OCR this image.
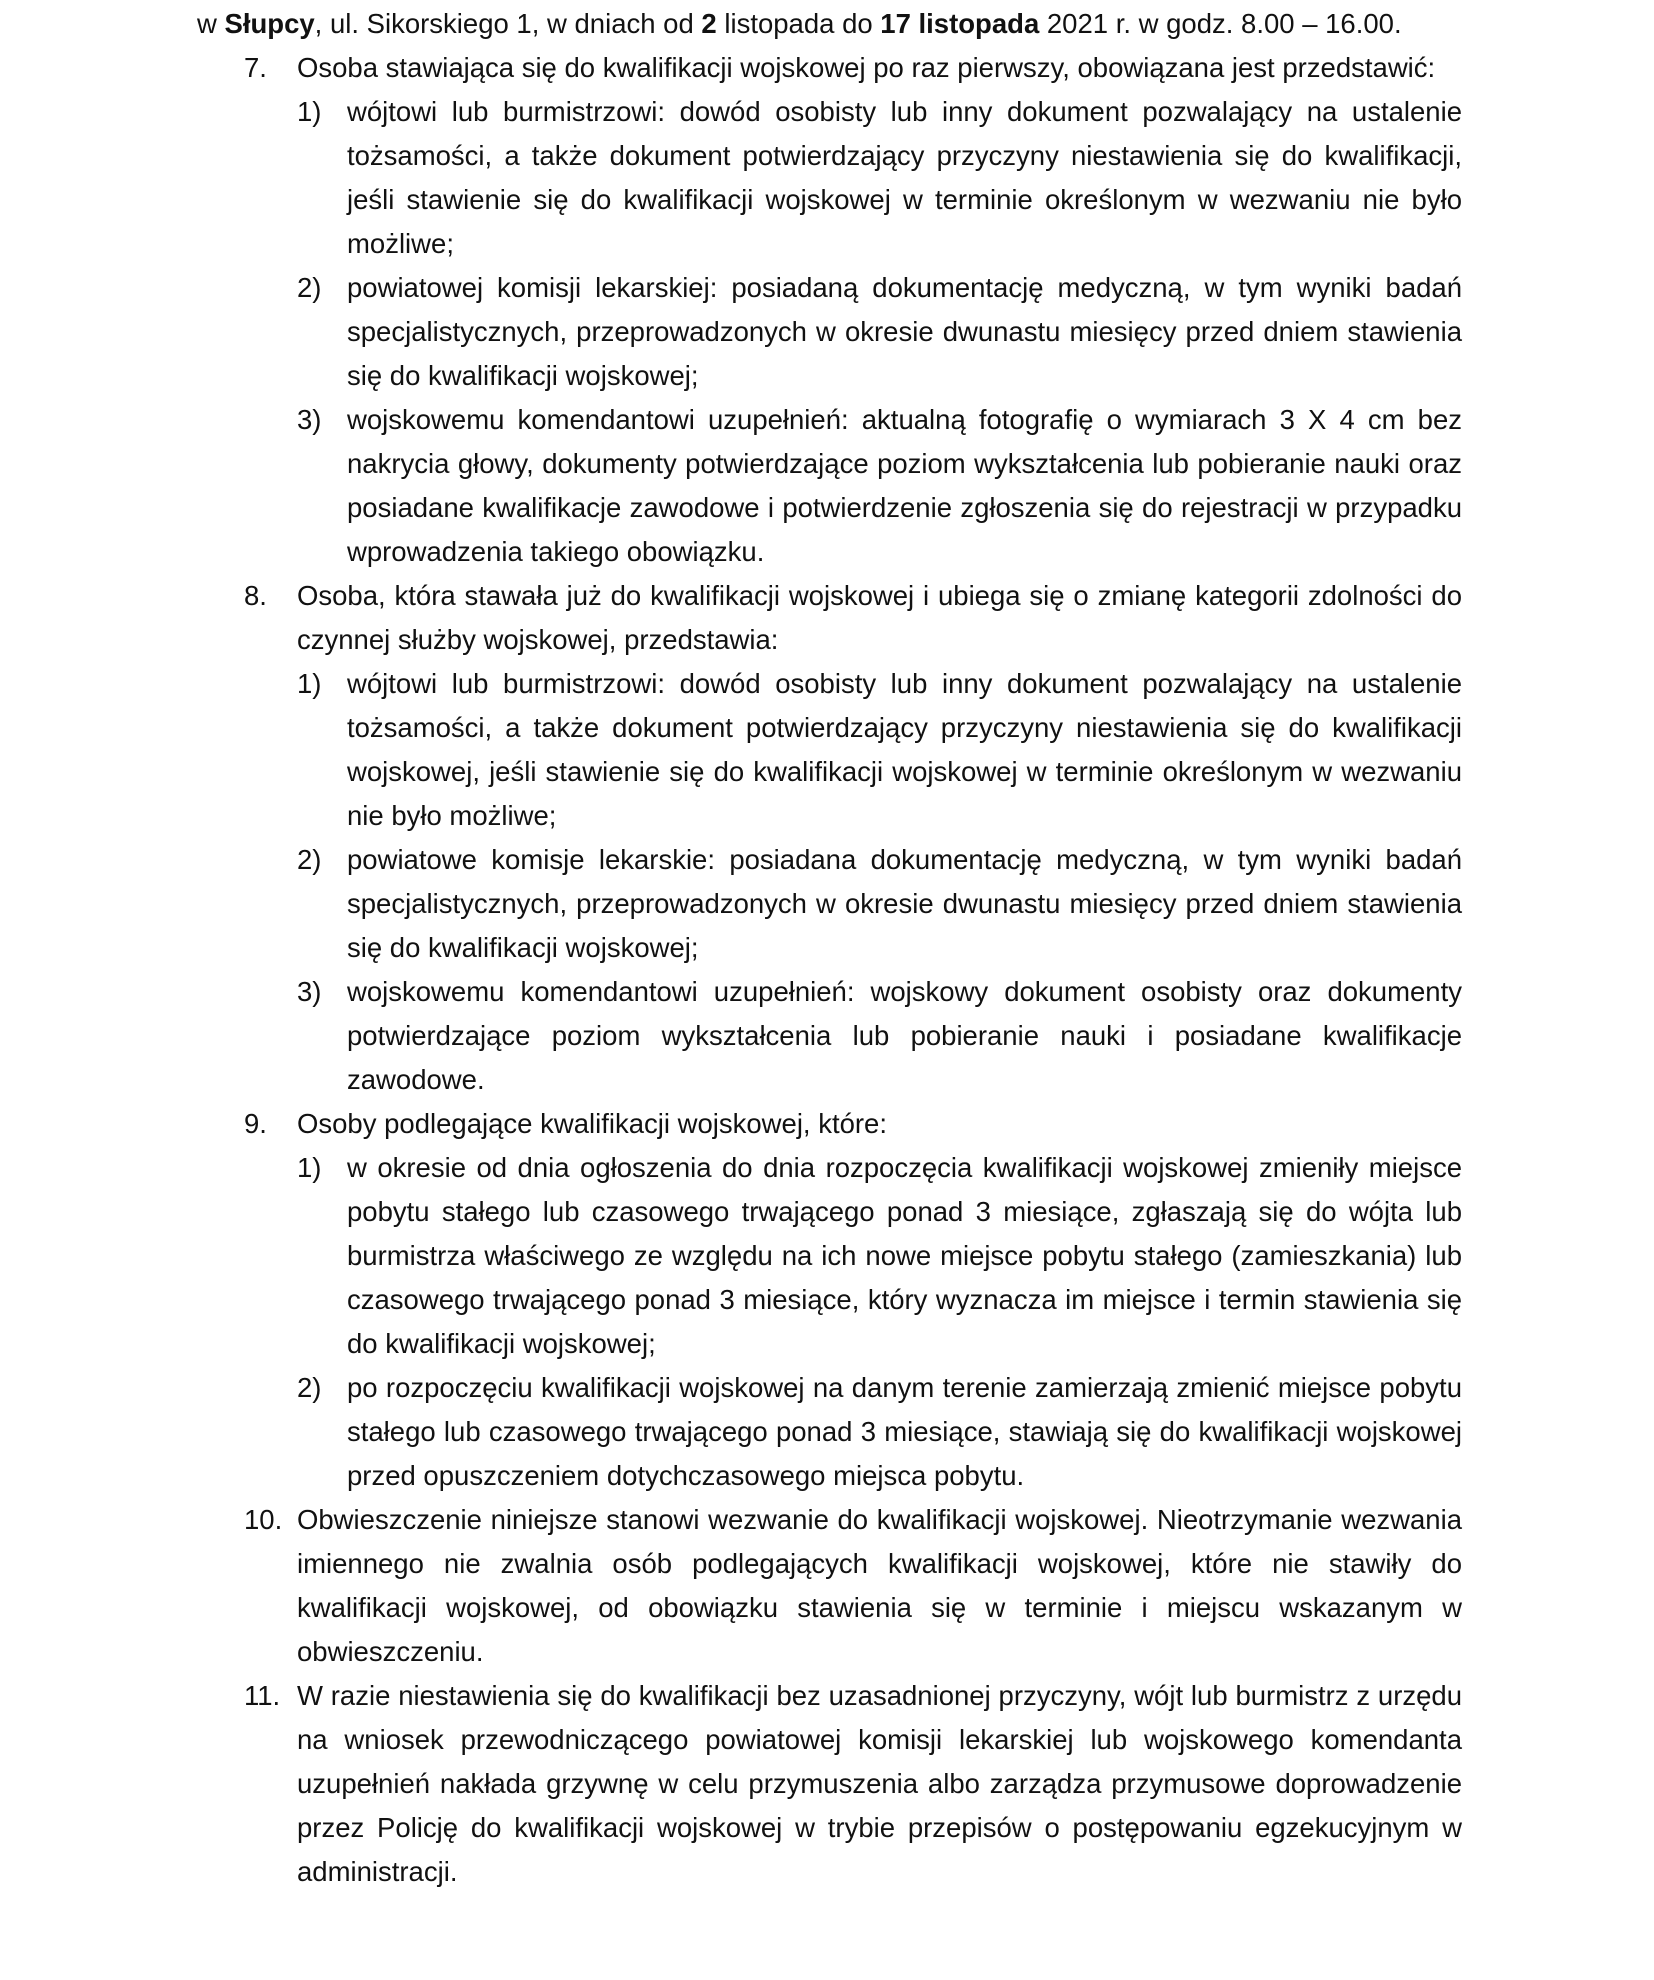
w Słupcy, ul. Sikorskiego 1, w dniach od 2 listopada do 17 listopada 2021 r. w godz. 8.00 – 16.00.
7.	Osoba stawiająca się do kwalifikacji wojskowej po raz pierwszy, obowiązana jest przedstawić:
1) wójtowi lub burmistrzowi: dowód osobisty lub inny dokument pozwalający na ustalenie tożsamości, a także dokument potwierdzający przyczyny niestawienia się do kwalifikacji, jeśli stawienie się do kwalifikacji wojskowej w terminie określonym w wezwaniu nie było możliwe;
2) powiatowej komisji lekarskiej: posiadaną dokumentację medyczną, w tym wyniki badań specjalistycznych, przeprowadzonych w okresie dwunastu miesięcy przed dniem stawienia się do kwalifikacji wojskowej;
3) wojskowemu komendantowi uzupełnień: aktualną fotografię o wymiarach 3 X 4 cm bez nakrycia głowy, dokumenty potwierdzające poziom wykształcenia lub pobieranie nauki oraz posiadane kwalifikacje zawodowe i potwierdzenie zgłoszenia się do rejestracji w przypadku wprowadzenia takiego obowiązku.
8.	Osoba, która stawała już do kwalifikacji wojskowej i ubiega się o zmianę kategorii zdolności do czynnej służby wojskowej, przedstawia:
1) wójtowi lub burmistrzowi: dowód osobisty lub inny dokument pozwalający na ustalenie tożsamości, a także dokument potwierdzający przyczyny niestawienia się do kwalifikacji wojskowej, jeśli stawienie się do kwalifikacji wojskowej w terminie określonym w wezwaniu nie było możliwe;
2) powiatowe komisje lekarskie: posiadana dokumentację medyczną, w tym wyniki badań specjalistycznych, przeprowadzonych w okresie dwunastu miesięcy przed dniem stawienia się do kwalifikacji wojskowej;
3) wojskowemu komendantowi uzupełnień: wojskowy dokument osobisty oraz dokumenty potwierdzające poziom wykształcenia lub pobieranie nauki i posiadane kwalifikacje zawodowe.
9.	Osoby podlegające kwalifikacji wojskowej, które:
1) w okresie od dnia ogłoszenia do dnia rozpoczęcia kwalifikacji wojskowej zmieniły miejsce pobytu stałego lub czasowego trwającego ponad 3 miesiące, zgłaszają się do wójta lub burmistrza właściwego ze względu na ich nowe miejsce pobytu stałego (zamieszkania) lub czasowego trwającego ponad 3 miesiące, który wyznacza im miejsce i termin stawienia się do kwalifikacji wojskowej;
2) po rozpoczęciu kwalifikacji wojskowej na danym terenie zamierzają zmienić miejsce pobytu stałego lub czasowego trwającego ponad 3 miesiące, stawiają się do kwalifikacji wojskowej przed opuszczeniem dotychczasowego miejsca pobytu.
10. Obwieszczenie niniejsze stanowi wezwanie do kwalifikacji wojskowej. Nieotrzymanie wezwania imiennego nie zwalnia osób podlegających kwalifikacji wojskowej, które nie stawiły do kwalifikacji wojskowej, od obowiązku stawienia się w terminie i miejscu wskazanym w obwieszczeniu.
11. W razie niestawienia się do kwalifikacji bez uzasadnionej przyczyny, wójt lub burmistrz z urzędu na wniosek przewodniczącego powiatowej komisji lekarskiej lub wojskowego komendanta uzupełnień nakłada grzywnę w celu przymuszenia albo zarządza przymusowe doprowadzenie przez Policję do kwalifikacji wojskowej w trybie przepisów o postępowaniu egzekucyjnym w administracji.
